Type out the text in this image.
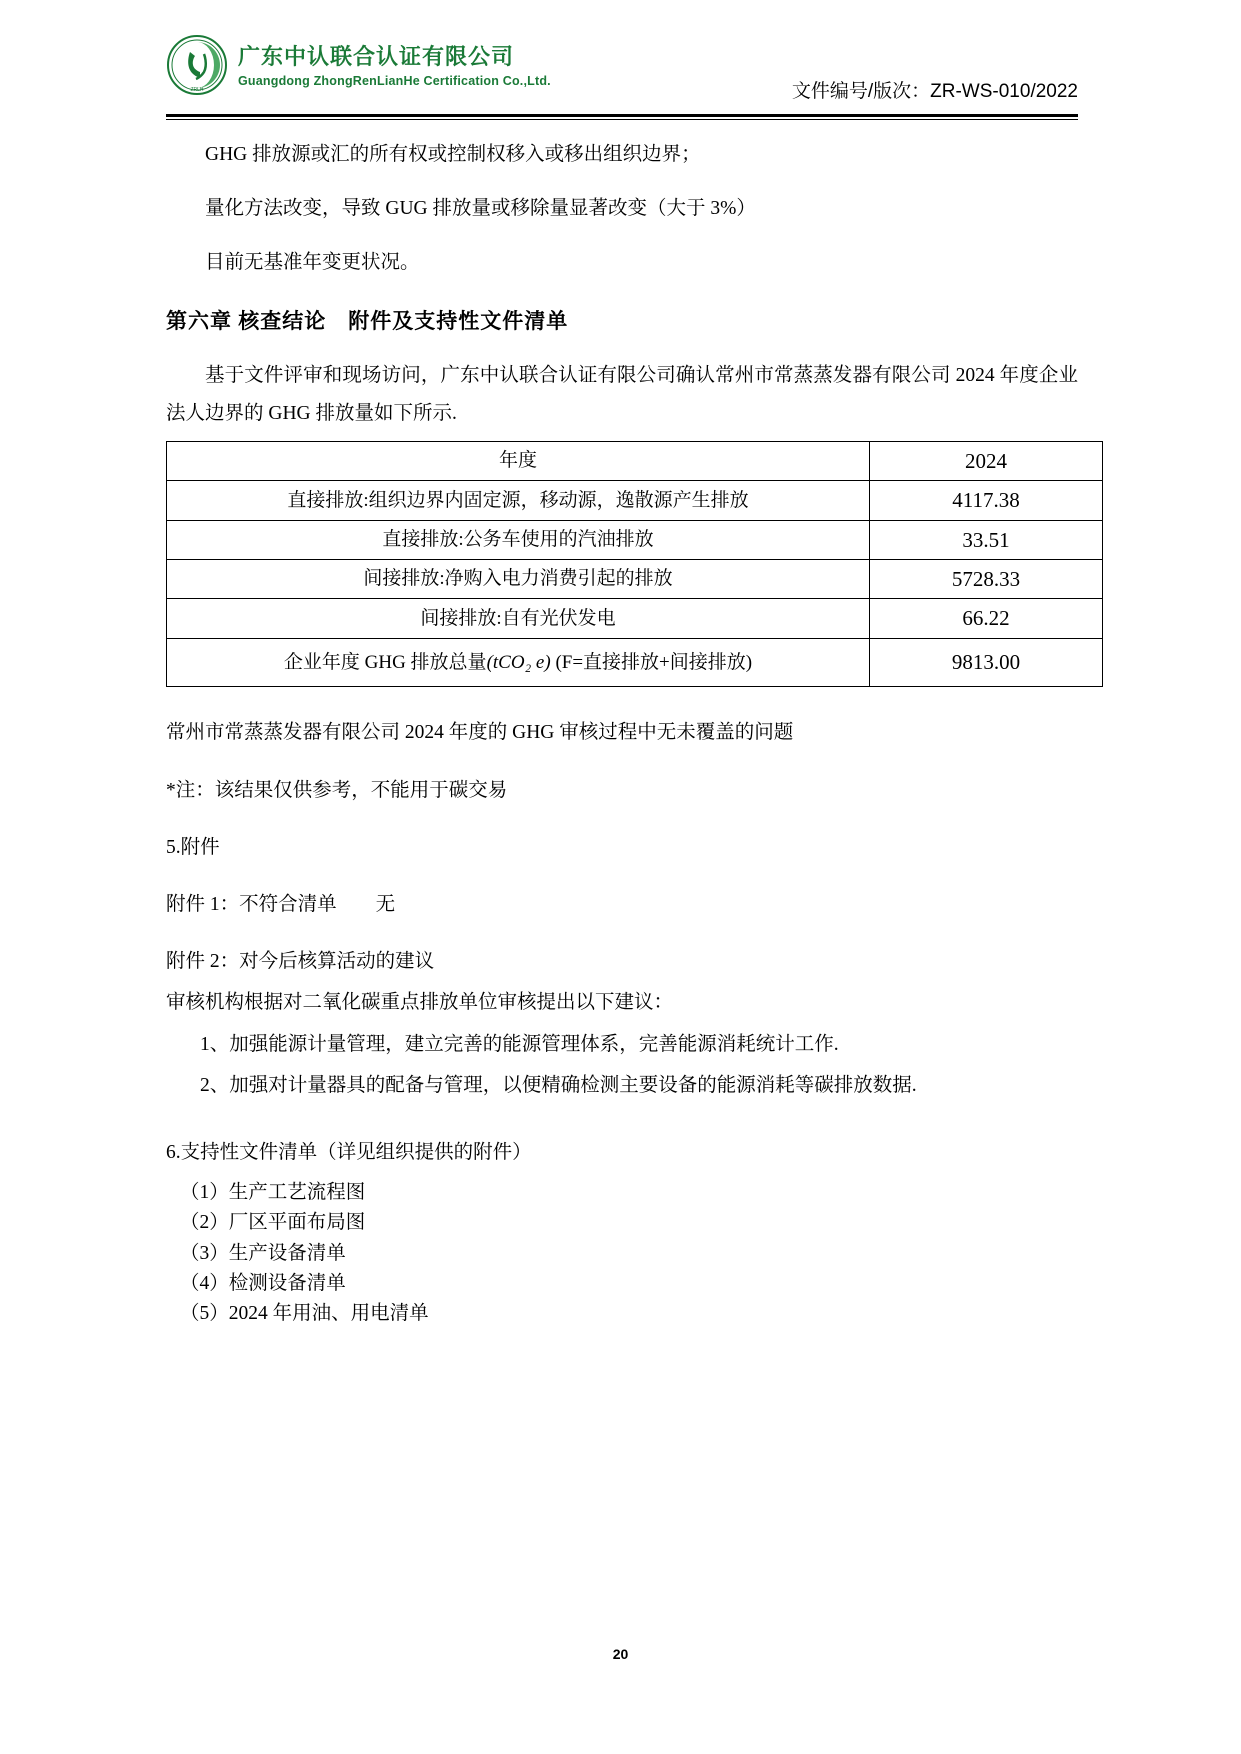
ZRLH
广东中认联合认证有限公司
Guangdong ZhongRenLianHe Certification Co.,Ltd.	文件编号/版次：ZR-WS-010/2022

GHG 排放源或汇的所有权或控制权移入或移出组织边界；

量化方法改变，导致 GUG 排放量或移除量显著改变（大于 3%）

目前无基准年变更状况。

第六章 核查结论　附件及支持性文件清单

基于文件评审和现场访问，广东中认联合认证有限公司确认常州市常蒸蒸发器有限公司 2024 年度企业法人边界的 GHG 排放量如下所示.

年度	2024
直接排放:组织边界内固定源，移动源，逸散源产生排放	4117.38
直接排放:公务车使用的汽油排放	33.51
间接排放:净购入电力消费引起的排放	5728.33
间接排放:自有光伏发电	66.22
企业年度 GHG 排放总量(tCO₂ e) (F=直接排放+间接排放)	9813.00

常州市常蒸蒸发器有限公司 2024 年度的 GHG 审核过程中无未覆盖的问题

*注：该结果仅供参考，不能用于碳交易

5.附件

附件 1：不符合清单　　无

附件 2：对今后核算活动的建议

审核机构根据对二氧化碳重点排放单位审核提出以下建议：

1、加强能源计量管理，建立完善的能源管理体系，完善能源消耗统计工作.

2、加强对计量器具的配备与管理，以便精确检测主要设备的能源消耗等碳排放数据.

6.支持性文件清单（详见组织提供的附件）

（1）生产工艺流程图

（2）厂区平面布局图

（3）生产设备清单

（4）检测设备清单

（5）2024 年用油、用电清单

20
